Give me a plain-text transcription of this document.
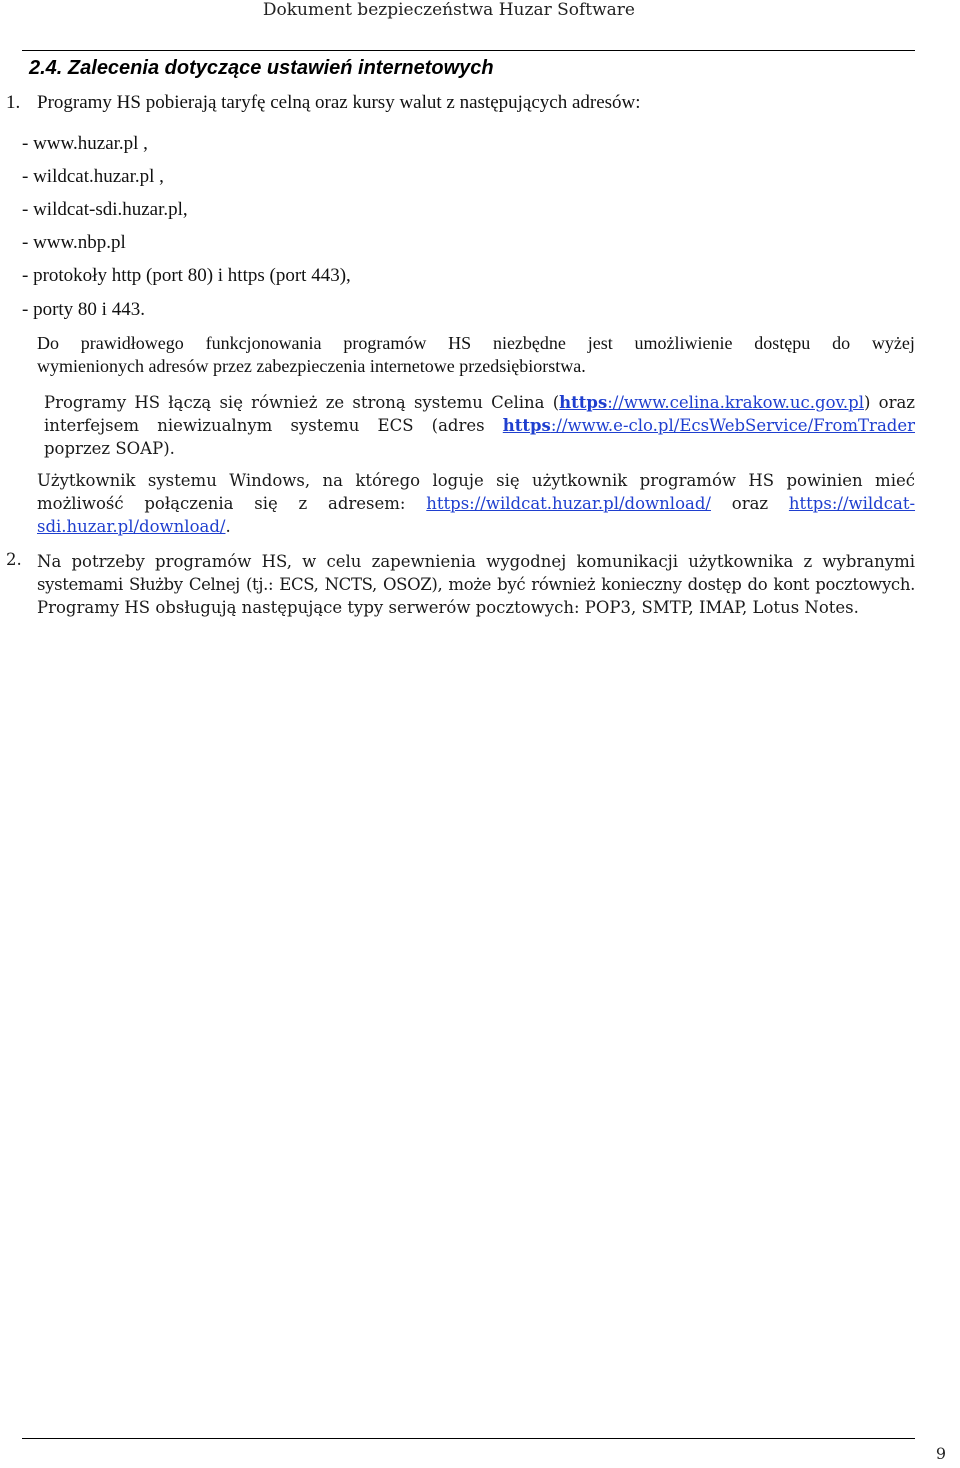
Dokument bezpieczeństwa Huzar Software
2.4. Zalecenia dotyczące ustawień internetowych
1. Programy HS pobierają taryfę celną oraz kursy walut z następujących adresów:
- www.huzar.pl ,
- wildcat.huzar.pl ,
- wildcat-sdi.huzar.pl,
- www.nbp.pl
- protokoły http (port 80) i https (port 443),
- porty 80 i 443.
Do prawidłowego funkcjonowania programów HS niezbędne jest umożliwienie dostępu do wyżej
wymienionych adresów przez zabezpieczenia internetowe przedsiębiorstwa.
Programy HS łączą się również ze stroną systemu Celina (https://www.celina.krakow.uc.gov.pl) oraz
interfejsem niewizualnym systemu ECS (adres https://www.e-clo.pl/EcsWebService/FromTrader
poprzez SOAP).
Użytkownik systemu Windows, na którego loguje się użytkownik programów HS powinien mieć
możliwość połączenia się z adresem: https://wildcat.huzar.pl/download/ oraz https://wildcat-
sdi.huzar.pl/download/.
2. Na potrzeby programów HS, w celu zapewnienia wygodnej komunikacji użytkownika z wybranymi
systemami Służby Celnej (tj.: ECS, NCTS, OSOZ), może być również konieczny dostęp do kont pocztowych.
Programy HS obsługują następujące typy serwerów pocztowych: POP3, SMTP, IMAP, Lotus Notes.
9
